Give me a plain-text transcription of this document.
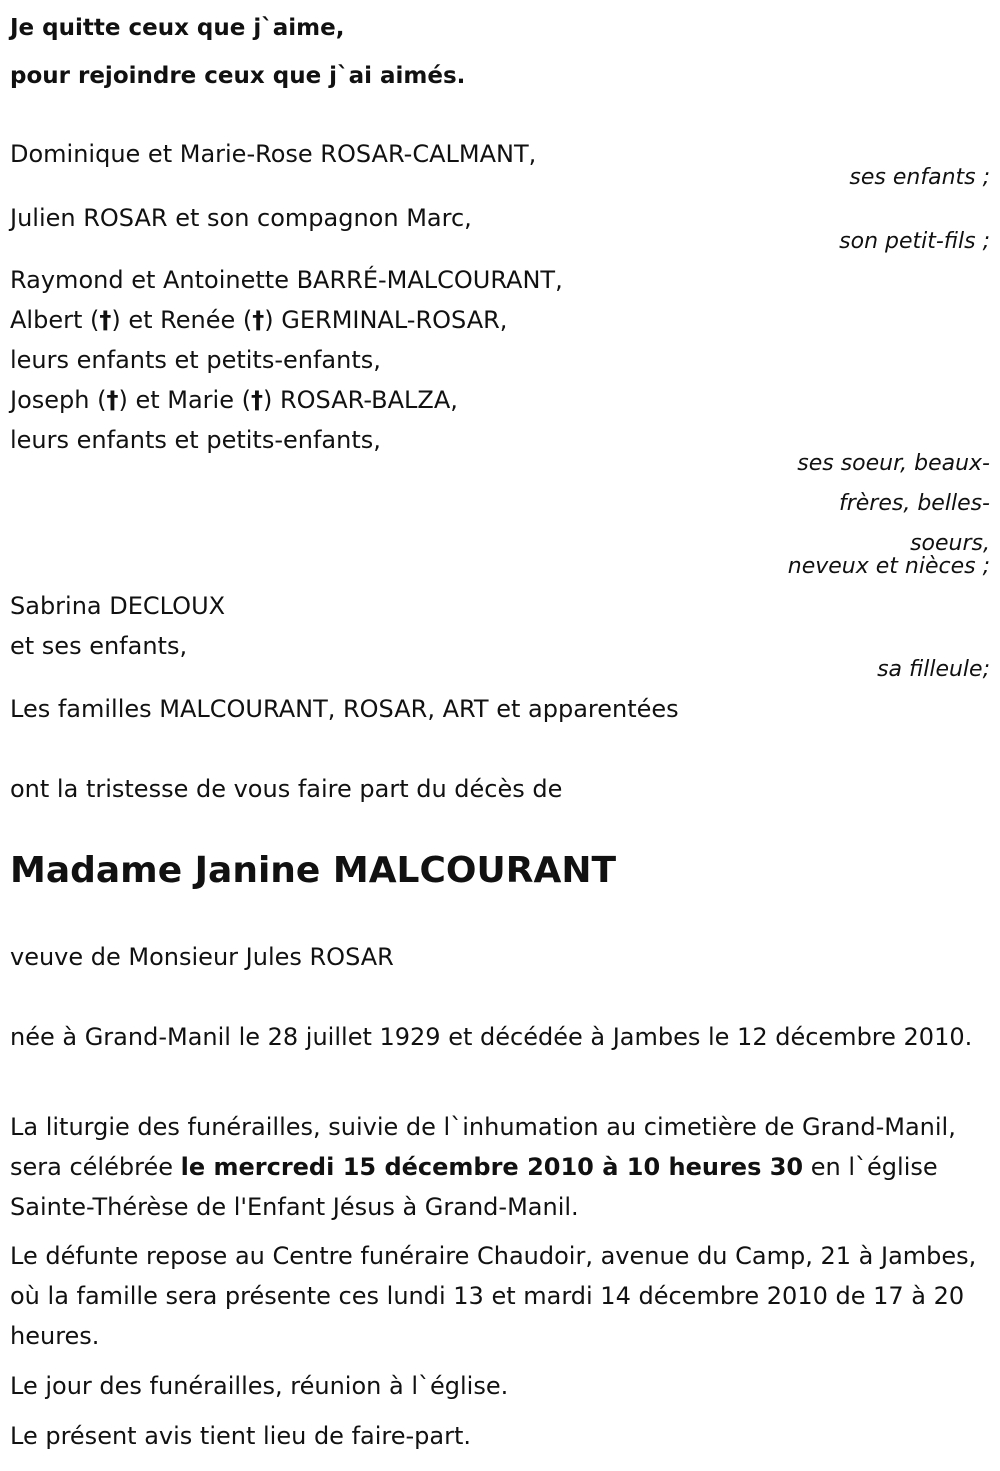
Je quitte ceux que j`aime,

pour rejoindre ceux que j`ai aimés.

Dominique et Marie-Rose ROSAR-CALMANT,

ses enfants ;

Julien ROSAR et son compagnon Marc,

son petit-fils ;

Raymond et Antoinette BARRÉ-MALCOURANT,

Albert (†) et Renée (†) GERMINAL-ROSAR,

leurs enfants et petits-enfants,

Joseph (†) et Marie (†) ROSAR-BALZA,

leurs enfants et petits-enfants,

ses soeur, beaux-

frères, belles-

soeurs,

neveux et nièces ;

Sabrina DECLOUX

et ses enfants,

sa filleule;

Les familles MALCOURANT, ROSAR, ART et apparentées

ont la tristesse de vous faire part du décès de

Madame Janine MALCOURANT

veuve de Monsieur Jules ROSAR

née à Grand-Manil le 28 juillet 1929 et décédée à Jambes le 12 décembre 2010.

La liturgie des funérailles, suivie de l`inhumation au cimetière de Grand-Manil, sera célébrée le mercredi 15 décembre 2010 à 10 heures 30 en l`église Sainte-Thérèse de l'Enfant Jésus à Grand-Manil.

Le défunte repose au Centre funéraire Chaudoir, avenue du Camp, 21 à Jambes, où la famille sera présente ces lundi 13 et mardi 14 décembre 2010 de 17 à 20 heures.

Le jour des funérailles, réunion à l`église.

Le présent avis tient lieu de faire-part.
